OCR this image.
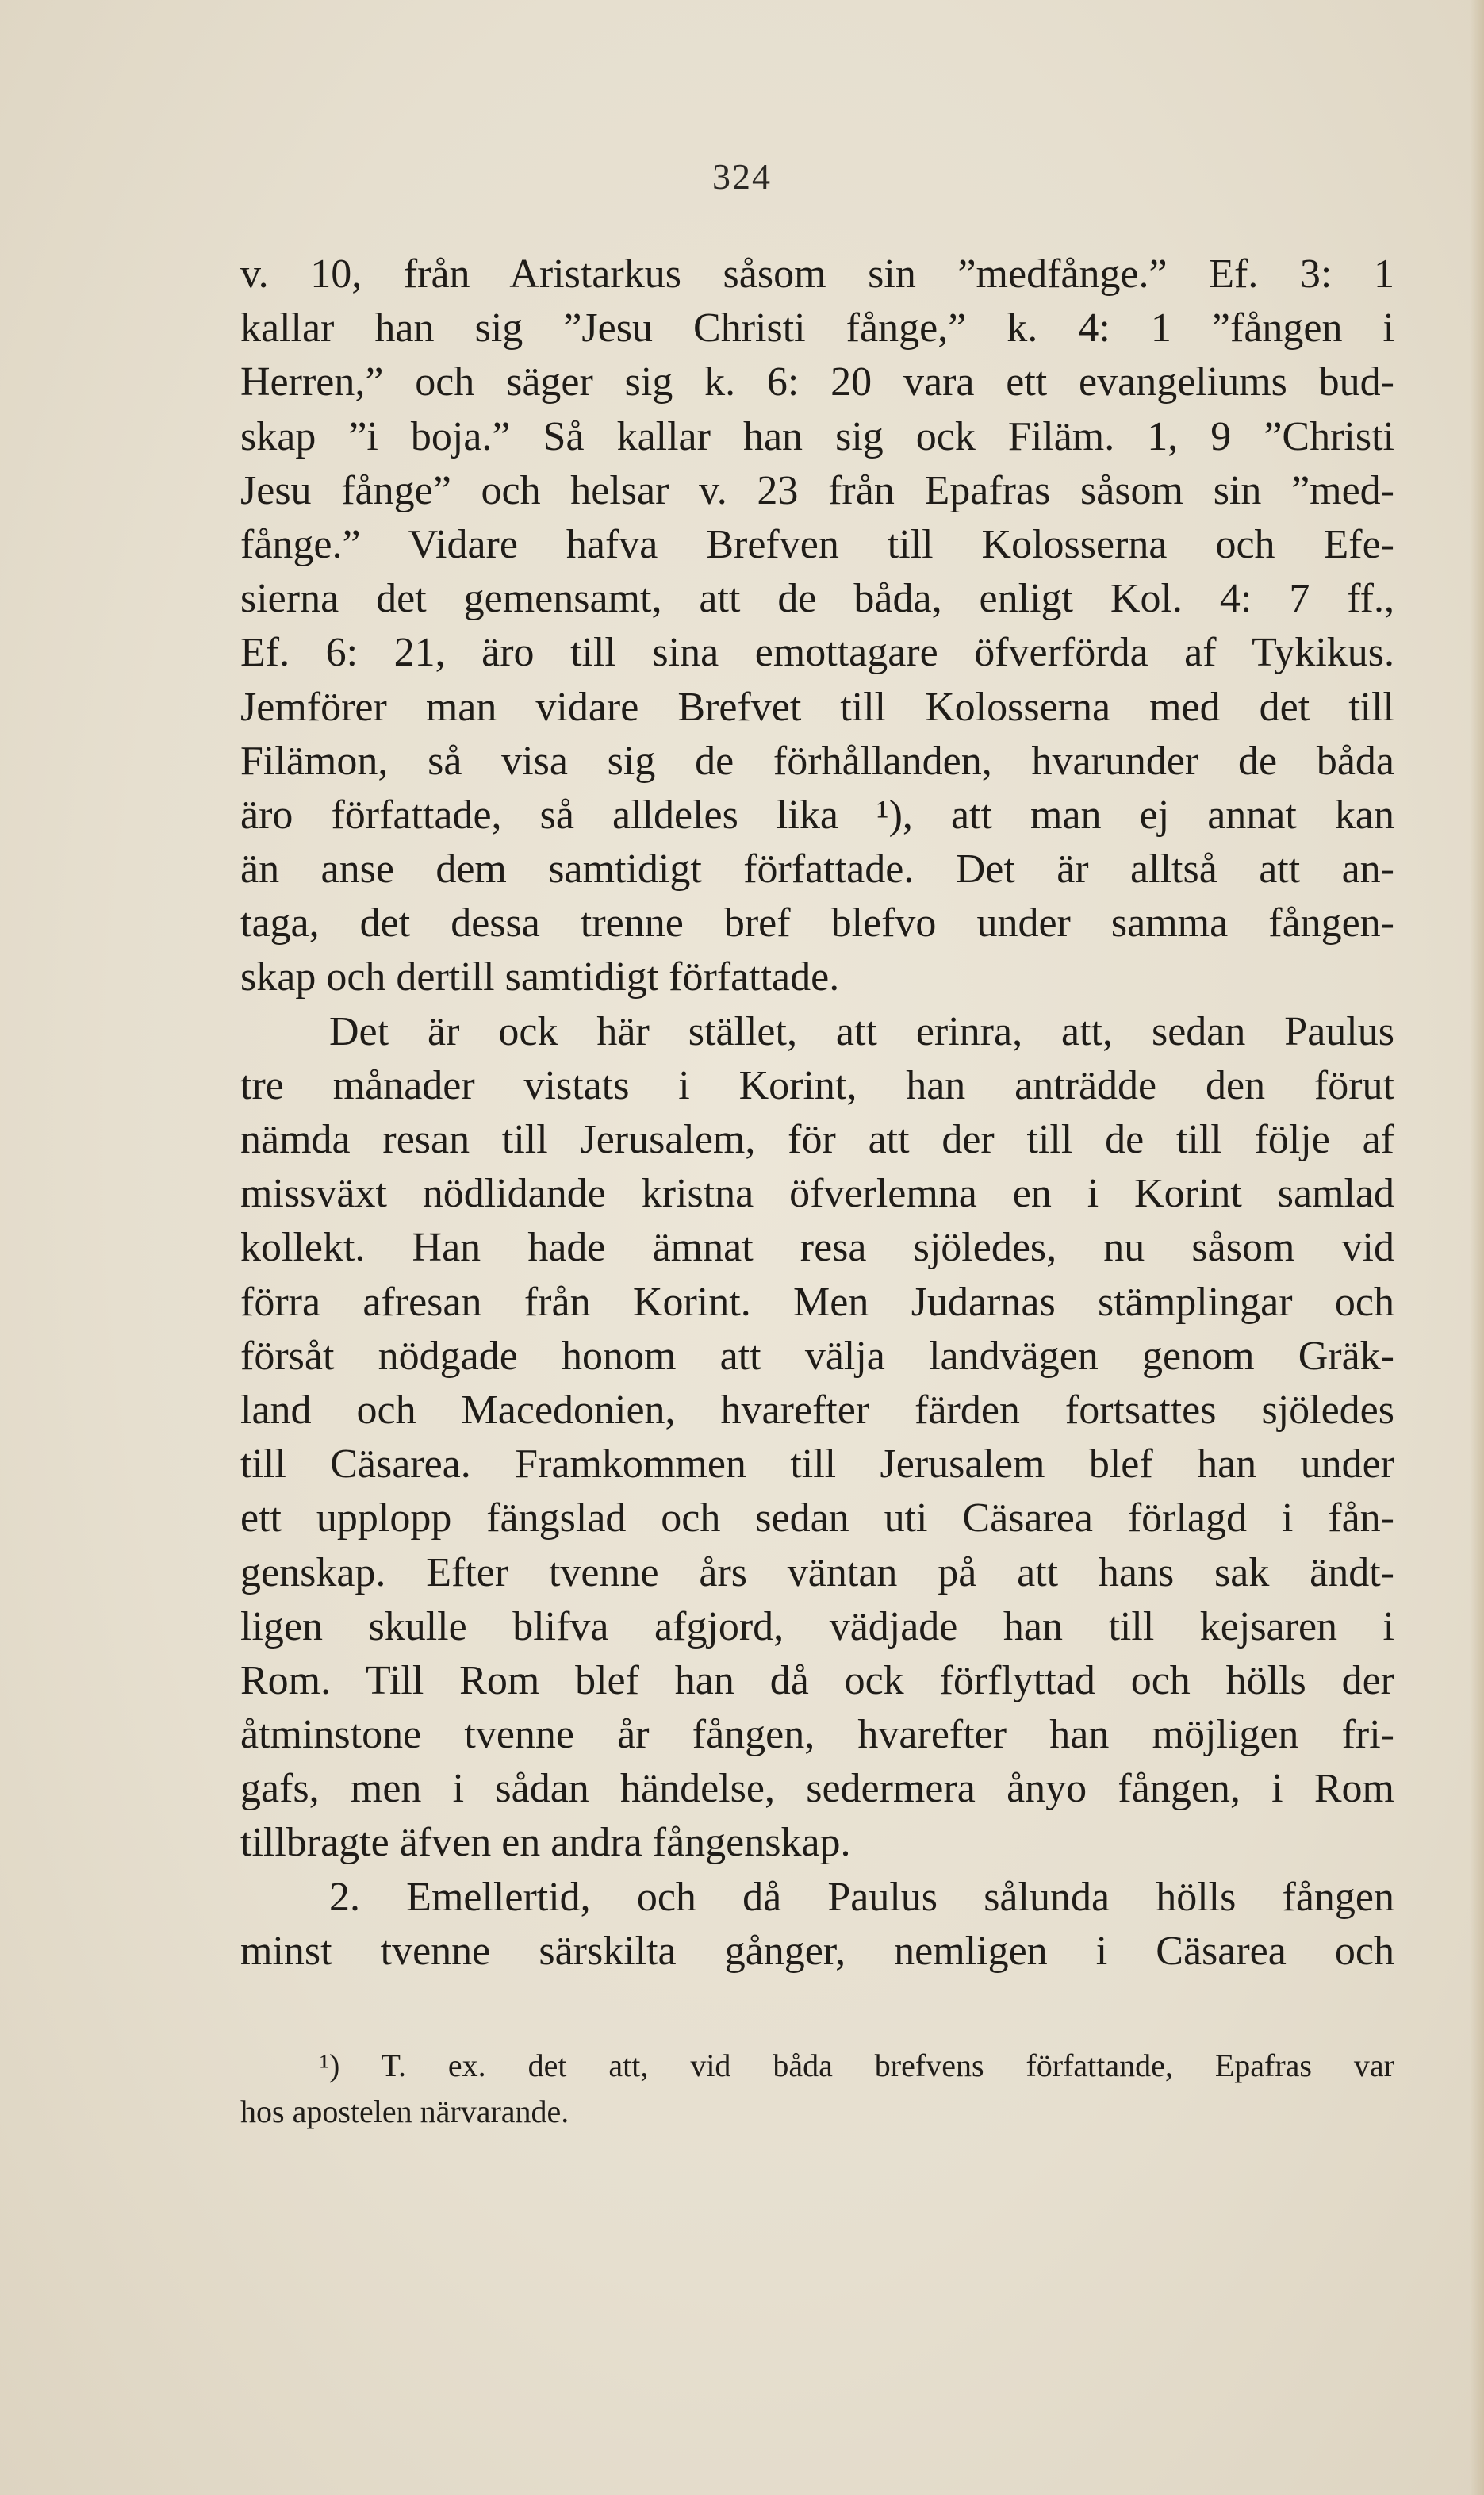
324
v. 10, från Aristarkus såsom sin ”medfånge.” Ef. 3: 1
kallar han sig ”Jesu Christi fånge,” k. 4: 1 ”fången i
Herren,” och säger sig k. 6: 20 vara ett evangeliums bud-
skap ”i boja.” Så kallar han sig ock Filäm. 1, 9 ”Christi
Jesu fånge” och helsar v. 23 från Epafras såsom sin ”med-
fånge.” Vidare hafva Brefven till Kolosserna och Efe-
sierna det gemensamt, att de båda, enligt Kol. 4: 7 ff.,
Ef. 6: 21, äro till sina emottagare öfverförda af Tykikus.
Jemförer man vidare Brefvet till Kolosserna med det till
Filämon, så visa sig de förhållanden, hvarunder de båda
äro författade, så alldeles lika ¹), att man ej annat kan
än anse dem samtidigt författade. Det är alltså att an-
taga, det dessa trenne bref blefvo under samma fången-
skap och dertill samtidigt författade.
Det är ock här stället, att erinra, att, sedan Paulus
tre månader vistats i Korint, han anträdde den förut
nämda resan till Jerusalem, för att der till de till följe af
missväxt nödlidande kristna öfverlemna en i Korint samlad
kollekt. Han hade ämnat resa sjöledes, nu såsom vid
förra afresan från Korint. Men Judarnas stämplingar och
försåt nödgade honom att välja landvägen genom Gräk-
land och Macedonien, hvarefter färden fortsattes sjöledes
till Cäsarea. Framkommen till Jerusalem blef han under
ett upplopp fängslad och sedan uti Cäsarea förlagd i fån-
genskap. Efter tvenne års väntan på att hans sak ändt-
ligen skulle blifva afgjord, vädjade han till kejsaren i
Rom. Till Rom blef han då ock förflyttad och hölls der
åtminstone tvenne år fången, hvarefter han möjligen fri-
gafs, men i sådan händelse, sedermera ånyo fången, i Rom
tillbragte äfven en andra fångenskap.
2. Emellertid, och då Paulus sålunda hölls fången
minst tvenne särskilta gånger, nemligen i Cäsarea och
¹) T. ex. det att, vid båda brefvens författande, Epafras var
hos apostelen närvarande.
